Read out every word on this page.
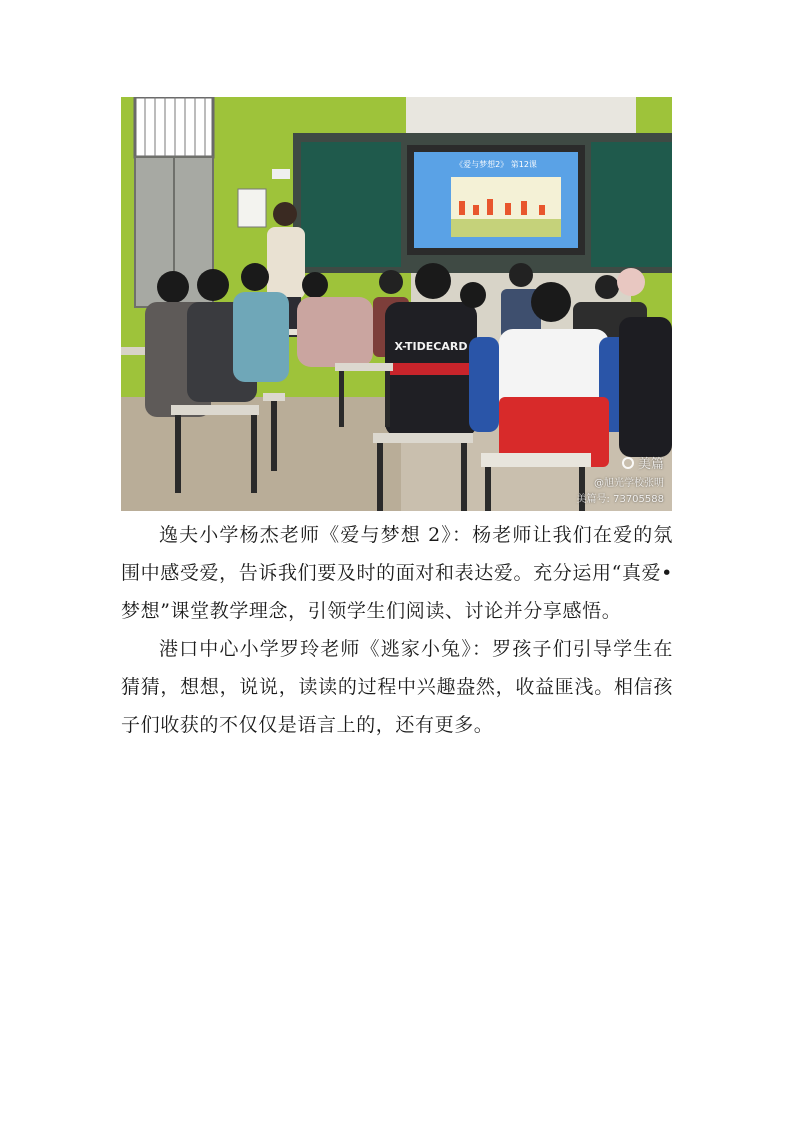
《爱与梦想2》 第12课
X-TIDECARD
美篇
@旭光学校张明
美篇号: 73705588

逸夫小学杨杰老师《爱与梦想 2》：杨老师让我们在爱的氛围中感受爱，告诉我们要及时的面对和表达爱。充分运用“真爱•梦想”课堂教学理念，引领学生们阅读、讨论并分享感悟。

港口中心小学罗玲老师《逃家小兔》：罗孩子们引导学生在猜猜，想想，说说，读读的过程中兴趣盎然，收益匪浅。相信孩子们收获的不仅仅是语言上的，还有更多。
